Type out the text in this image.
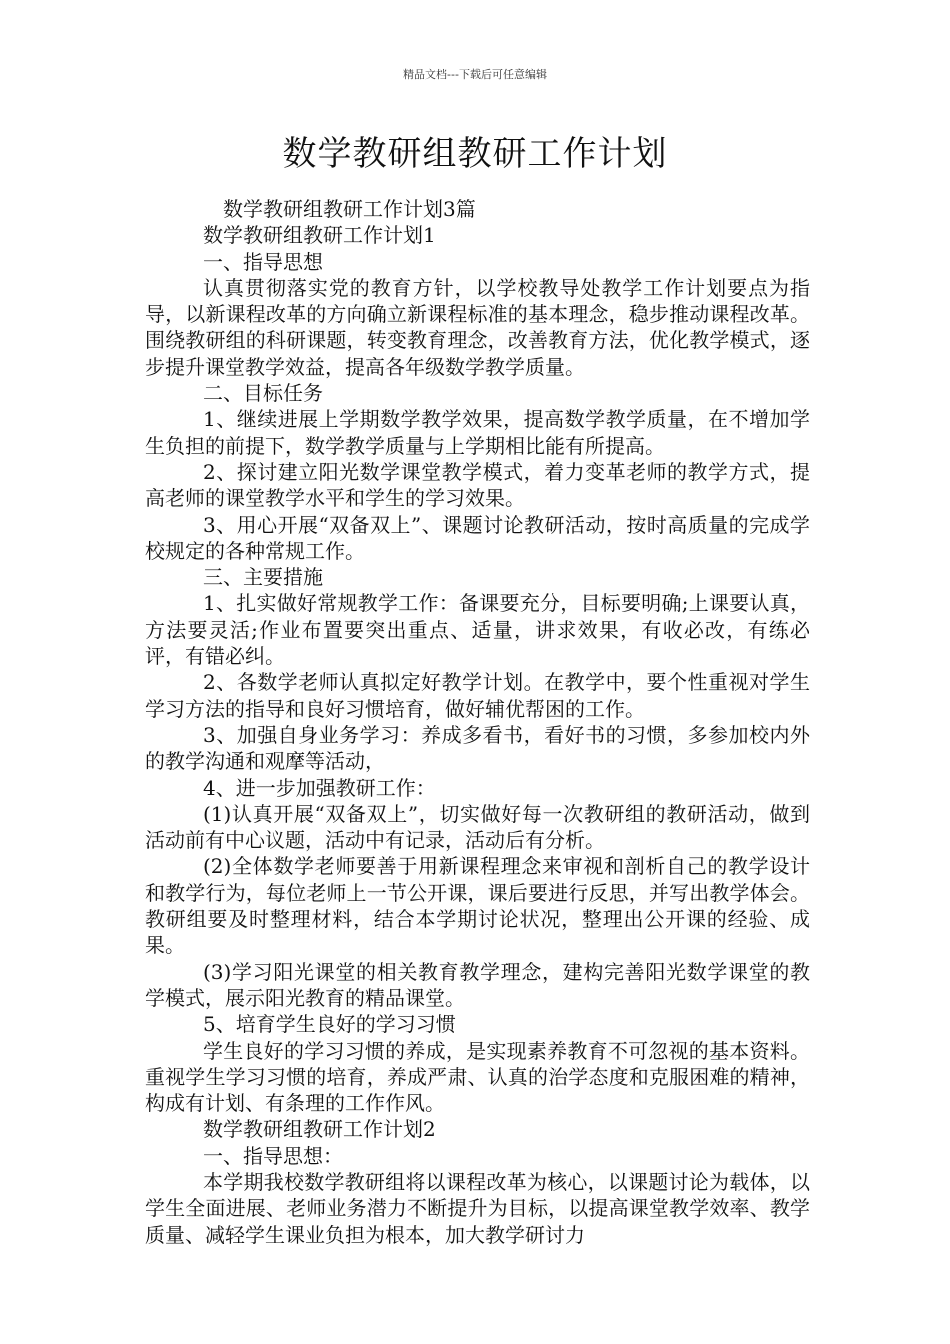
精品文档---下载后可任意编辑
数学教研组教研工作计划

数学教研组教研工作计划3篇

数学教研组教研工作计划1

一、指导思想

认真贯彻落实党的教育方针，以学校教导处教学工作计划要点为指导，以新课程改革的方向确立新课程标准的基本理念，稳步推动课程改革。围绕教研组的科研课题，转变教育理念，改善教育方法，优化教学模式，逐步提升课堂教学效益，提高各年级数学教学质量。

二、目标任务

1、继续进展上学期数学教学效果，提高数学教学质量，在不增加学生负担的前提下，数学教学质量与上学期相比能有所提高。

2、探讨建立阳光数学课堂教学模式，着力变革老师的教学方式，提高老师的课堂教学水平和学生的学习效果。

3、用心开展“双备双上”、课题讨论教研活动，按时高质量的完成学校规定的各种常规工作。

三、主要措施

1、扎实做好常规教学工作：备课要充分，目标要明确;上课要认真，方法要灵活;作业布置要突出重点、适量，讲求效果，有收必改，有练必评，有错必纠。

2、各数学老师认真拟定好教学计划。在教学中，要个性重视对学生学习方法的指导和良好习惯培育，做好辅优帮困的工作。

3、加强自身业务学习：养成多看书，看好书的习惯，多参加校内外的教学沟通和观摩等活动，

4、进一步加强教研工作：

(1)认真开展“双备双上”，切实做好每一次教研组的教研活动，做到活动前有中心议题，活动中有记录，活动后有分析。

(2)全体数学老师要善于用新课程理念来审视和剖析自己的教学设计和教学行为，每位老师上一节公开课，课后要进行反思，并写出教学体会。教研组要及时整理材料，结合本学期讨论状况，整理出公开课的经验、成果。

(3)学习阳光课堂的相关教育教学理念，建构完善阳光数学课堂的教学模式，展示阳光教育的精品课堂。

5、培育学生良好的学习习惯

学生良好的学习习惯的养成，是实现素养教育不可忽视的基本资料。重视学生学习习惯的培育，养成严肃、认真的治学态度和克服困难的精神，构成有计划、有条理的工作作风。

数学教研组教研工作计划2

一、指导思想：

本学期我校数学教研组将以课程改革为核心，以课题讨论为载体，以学生全面进展、老师业务潜力不断提升为目标，以提高课堂教学效率、教学质量、减轻学生课业负担为根本，加大教学研讨力
